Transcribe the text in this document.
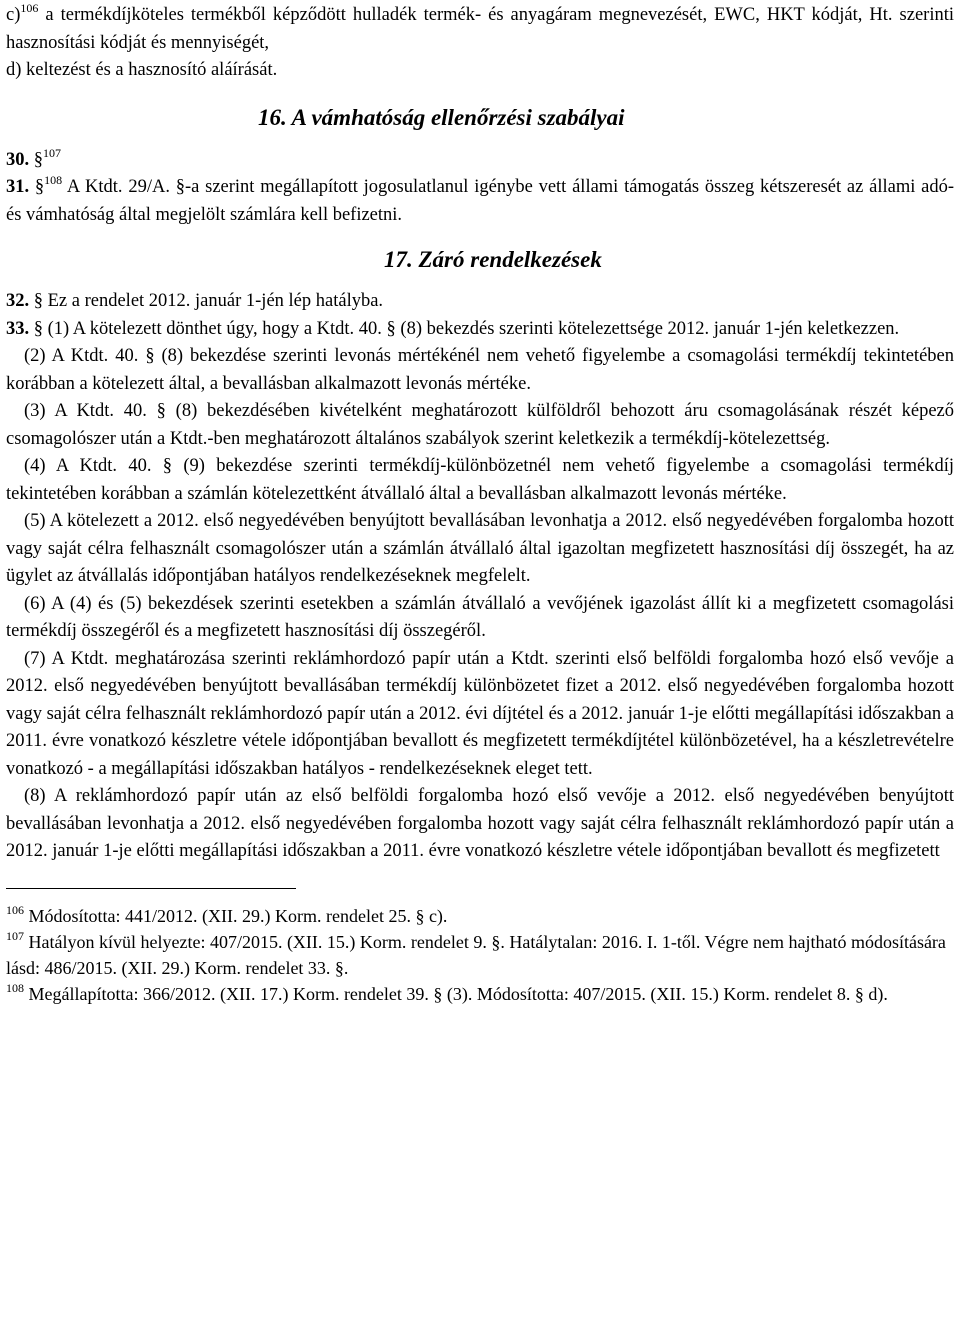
c)$^{106}$ a termékdíjköteles termékből képződött hulladék termék- és anyagáram megnevezését, EWC, HKT kódját, Ht. szerinti hasznosítási kódját és mennyiségét,

d) keltezést és a hasznosító aláírását.

16. A vámhatóság ellenőrzési szabályai

30. §$^{107}$

31. §$^{108}$ A Ktdt. 29/A. §-a szerint megállapított jogosulatlanul igénybe vett állami támogatás összeg kétszeresét az állami adó- és vámhatóság által megjelölt számlára kell befizetni.

17. Záró rendelkezések

32. § Ez a rendelet 2012. január 1-jén lép hatályba.

33. § (1) A kötelezett dönthet úgy, hogy a Ktdt. 40. § (8) bekezdés szerinti kötelezettsége 2012. január 1-jén keletkezzen.

(2) A Ktdt. 40. § (8) bekezdése szerinti levonás mértékénél nem vehető figyelembe a csomagolási termékdíj tekintetében korábban a kötelezett által, a bevallásban alkalmazott levonás mértéke.

(3) A Ktdt. 40. § (8) bekezdésében kivételként meghatározott külföldről behozott áru csomagolásának részét képező csomagolószer után a Ktdt.-ben meghatározott általános szabályok szerint keletkezik a termékdíj-kötelezettség.

(4) A Ktdt. 40. § (9) bekezdése szerinti termékdíj-különbözetnél nem vehető figyelembe a csomagolási termékdíj tekintetében korábban a számlán kötelezettként átvállaló által a bevallásban alkalmazott levonás mértéke.

(5) A kötelezett a 2012. első negyedévében benyújtott bevallásában levonhatja a 2012. első negyedévében forgalomba hozott vagy saját célra felhasznált csomagolószer után a számlán átvállaló által igazoltan megfizetett hasznosítási díj összegét, ha az ügylet az átvállalás időpontjában hatályos rendelkezéseknek megfelelt.

(6) A (4) és (5) bekezdések szerinti esetekben a számlán átvállaló a vevőjének igazolást állít ki a megfizetett csomagolási termékdíj összegéről és a megfizetett hasznosítási díj összegéről.

(7) A Ktdt. meghatározása szerinti reklámhordozó papír után a Ktdt. szerinti első belföldi forgalomba hozó első vevője a 2012. első negyedévében benyújtott bevallásában termékdíj különbözetet fizet a 2012. első negyedévében forgalomba hozott vagy saját célra felhasznált reklámhordozó papír után a 2012. évi díjtétel és a 2012. január 1-je előtti megállapítási időszakban a 2011. évre vonatkozó készletre vétele időpontjában bevallott és megfizetett termékdíjtétel különbözetével, ha a készletrevételre vonatkozó - a megállapítási időszakban hatályos - rendelkezéseknek eleget tett.

(8) A reklámhordozó papír után az első belföldi forgalomba hozó első vevője a 2012. első negyedévében benyújtott bevallásában levonhatja a 2012. első negyedévében forgalomba hozott vagy saját célra felhasznált reklámhordozó papír után a 2012. január 1-je előtti megállapítási időszakban a 2011. évre vonatkozó készletre vétele időpontjában bevallott és megfizetett

$^{106}$ Módosította: 441/2012. (XII. 29.) Korm. rendelet 25. § c).

$^{107}$ Hatályon kívül helyezte: 407/2015. (XII. 15.) Korm. rendelet 9. §. Hatálytalan: 2016. I. 1-től. Végre nem hajtható módosítására lásd: 486/2015. (XII. 29.) Korm. rendelet 33. §.

$^{108}$ Megállapította: 366/2012. (XII. 17.) Korm. rendelet 39. § (3). Módosította: 407/2015. (XII. 15.) Korm. rendelet 8. § d).
